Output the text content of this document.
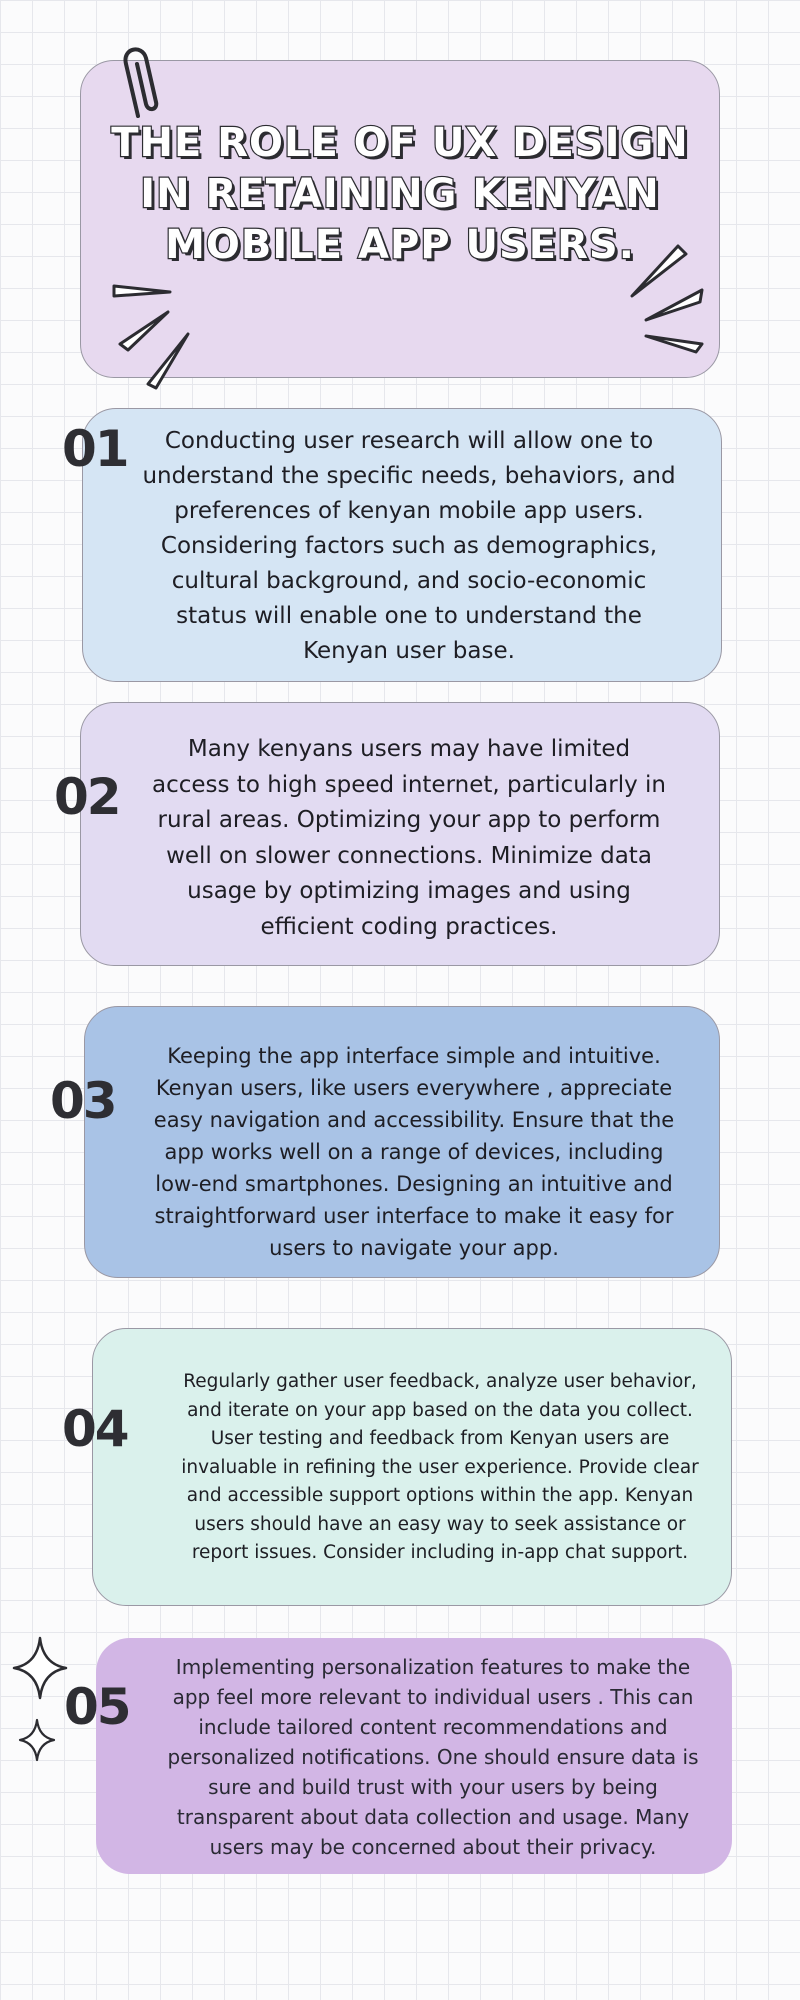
THE ROLE OF UX DESIGN
IN RETAINING KENYAN
MOBILE APP USERS.
01	Conducting user research will allow one to
understand the specific needs, behaviors, and
preferences of kenyan mobile app users.
Considering factors such as demographics,
cultural background, and socio-economic
status will enable one to understand the
Kenyan user base.

02

Many kenyans users may have limited
access to high speed internet, particularly in
rural areas. Optimizing your app to perform
well on slower connections. Minimize data
usage by optimizing images and using
efficient coding practices.

03

Keeping the app interface simple and intuitive.
Kenyan users, like users everywhere , appreciate
easy navigation and accessibility. Ensure that the
app works well on a range of devices, including
low-end smartphones. Designing an intuitive and
straightforward user interface to make it easy for
users to navigate your app.

04

Regularly gather user feedback, analyze user behavior,
and iterate on your app based on the data you collect.
User testing and feedback from Kenyan users are
invaluable in refining the user experience. Provide clear
and accessible support options within the app. Kenyan
users should have an easy way to seek assistance or
report issues. Consider including in-app chat support.

05

Implementing personalization features to make the
app feel more relevant to individual users . This can
include tailored content recommendations and
personalized notifications. One should ensure data is
sure and build trust with your users by being
transparent about data collection and usage. Many
users may be concerned about their privacy.
